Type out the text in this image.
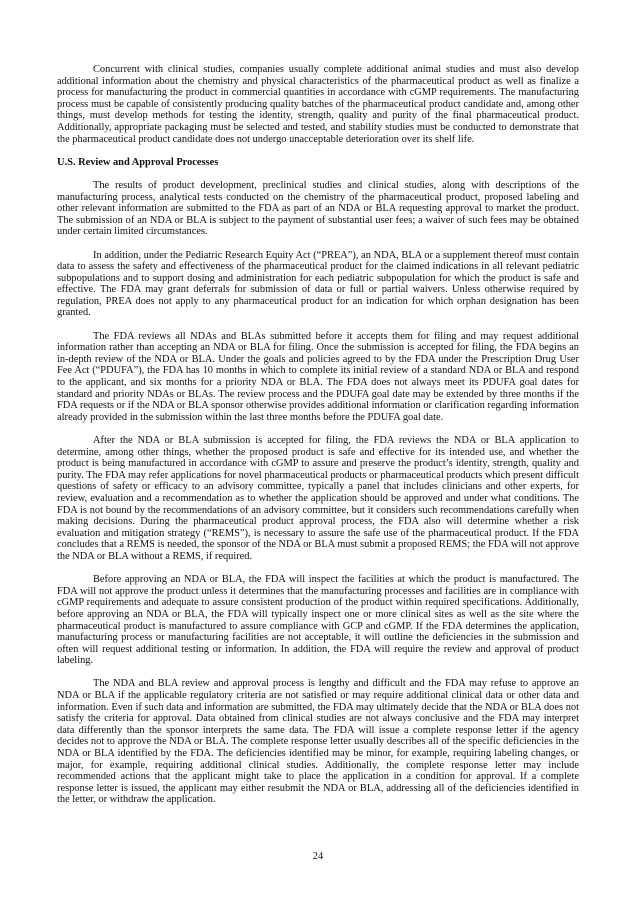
Concurrent with clinical studies, companies usually complete additional animal studies and must also develop additional information about the chemistry and physical characteristics of the pharmaceutical product as well as finalize a process for manufacturing the product in commercial quantities in accordance with cGMP requirements. The manufacturing process must be capable of consistently producing quality batches of the pharmaceutical product candidate and, among other things, must develop methods for testing the identity, strength, quality and purity of the final pharmaceutical product. Additionally, appropriate packaging must be selected and tested, and stability studies must be conducted to demonstrate that the pharmaceutical product candidate does not undergo unacceptable deterioration over its shelf life.

U.S. Review and Approval Processes

The results of product development, preclinical studies and clinical studies, along with descriptions of the manufacturing process, analytical tests conducted on the chemistry of the pharmaceutical product, proposed labeling and other relevant information are submitted to the FDA as part of an NDA or BLA requesting approval to market the product. The submission of an NDA or BLA is subject to the payment of substantial user fees; a waiver of such fees may be obtained under certain limited circumstances.

In addition, under the Pediatric Research Equity Act (“PREA”), an NDA, BLA or a supplement thereof must contain data to assess the safety and effectiveness of the pharmaceutical product for the claimed indications in all relevant pediatric subpopulations and to support dosing and administration for each pediatric subpopulation for which the product is safe and effective. The FDA may grant deferrals for submission of data or full or partial waivers. Unless otherwise required by regulation, PREA does not apply to any pharmaceutical product for an indication for which orphan designation has been granted.

The FDA reviews all NDAs and BLAs submitted before it accepts them for filing and may request additional information rather than accepting an NDA or BLA for filing. Once the submission is accepted for filing, the FDA begins an in-depth review of the NDA or BLA. Under the goals and policies agreed to by the FDA under the Prescription Drug User Fee Act (“PDUFA”), the FDA has 10 months in which to complete its initial review of a standard NDA or BLA and respond to the applicant, and six months for a priority NDA or BLA. The FDA does not always meet its PDUFA goal dates for standard and priority NDAs or BLAs. The review process and the PDUFA goal date may be extended by three months if the FDA requests or if the NDA or BLA sponsor otherwise provides additional information or clarification regarding information already provided in the submission within the last three months before the PDUFA goal date.

After the NDA or BLA submission is accepted for filing, the FDA reviews the NDA or BLA application to determine, among other things, whether the proposed product is safe and effective for its intended use, and whether the product is being manufactured in accordance with cGMP to assure and preserve the product’s identity, strength, quality and purity. The FDA may refer applications for novel pharmaceutical products or pharmaceutical products which present difficult questions of safety or efficacy to an advisory committee, typically a panel that includes clinicians and other experts, for review, evaluation and a recommendation as to whether the application should be approved and under what conditions. The FDA is not bound by the recommendations of an advisory committee, but it considers such recommendations carefully when making decisions. During the pharmaceutical product approval process, the FDA also will determine whether a risk evaluation and mitigation strategy (“REMS”), is necessary to assure the safe use of the pharmaceutical product. If the FDA concludes that a REMS is needed, the sponsor of the NDA or BLA must submit a proposed REMS; the FDA will not approve the NDA or BLA without a REMS, if required.

Before approving an NDA or BLA, the FDA will inspect the facilities at which the product is manufactured. The FDA will not approve the product unless it determines that the manufacturing processes and facilities are in compliance with cGMP requirements and adequate to assure consistent production of the product within required specifications. Additionally, before approving an NDA or BLA, the FDA will typically inspect one or more clinical sites as well as the site where the pharmaceutical product is manufactured to assure compliance with GCP and cGMP. If the FDA determines the application, manufacturing process or manufacturing facilities are not acceptable, it will outline the deficiencies in the submission and often will request additional testing or information. In addition, the FDA will require the review and approval of product labeling.

The NDA and BLA review and approval process is lengthy and difficult and the FDA may refuse to approve an NDA or BLA if the applicable regulatory criteria are not satisfied or may require additional clinical data or other data and information. Even if such data and information are submitted, the FDA may ultimately decide that the NDA or BLA does not satisfy the criteria for approval. Data obtained from clinical studies are not always conclusive and the FDA may interpret data differently than the sponsor interprets the same data. The FDA will issue a complete response letter if the agency decides not to approve the NDA or BLA. The complete response letter usually describes all of the specific deficiencies in the NDA or BLA identified by the FDA. The deficiencies identified may be minor, for example, requiring labeling changes, or major, for example, requiring additional clinical studies. Additionally, the complete response letter may include recommended actions that the applicant might take to place the application in a condition for approval. If a complete response letter is issued, the applicant may either resubmit the NDA or BLA, addressing all of the deficiencies identified in the letter, or withdraw the application.

24
